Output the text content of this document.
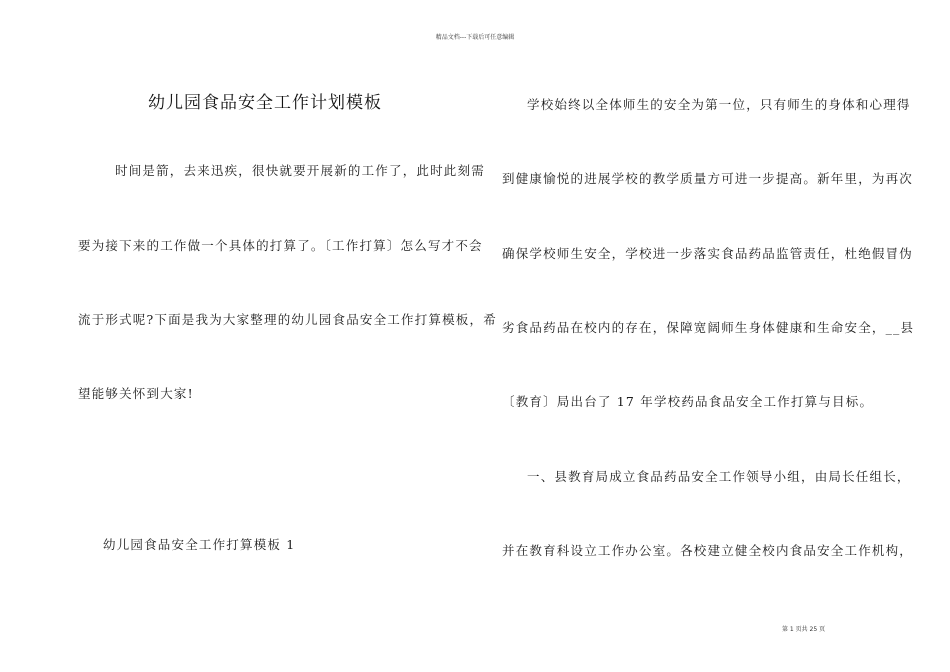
精品文档---下载后可任意编辑
幼儿园食品安全工作计划模板
时间是箭，去来迅疾，很快就要开展新的工作了，此时此刻需
要为接下来的工作做一个具体的打算了。〔工作打算〕怎么写才不会
流于形式呢?下面是我为大家整理的幼儿园食品安全工作打算模板，希
望能够关怀到大家!
幼儿园食品安全工作打算模板 1
学校始终以全体师生的安全为第一位，只有师生的身体和心理得
到健康愉悦的进展学校的教学质量方可进一步提高。新年里，为再次
确保学校师生安全，学校进一步落实食品药品监管责任，杜绝假冒伪
劣食品药品在校内的存在，保障宽阔师生身体健康和生命安全，__县
〔教育〕局出台了 17 年学校药品食品安全工作打算与目标。
一、县教育局成立食品药品安全工作领导小组，由局长任组长，
并在教育科设立工作办公室。各校建立健全校内食品安全工作机构，
第 1 页共 25 页
